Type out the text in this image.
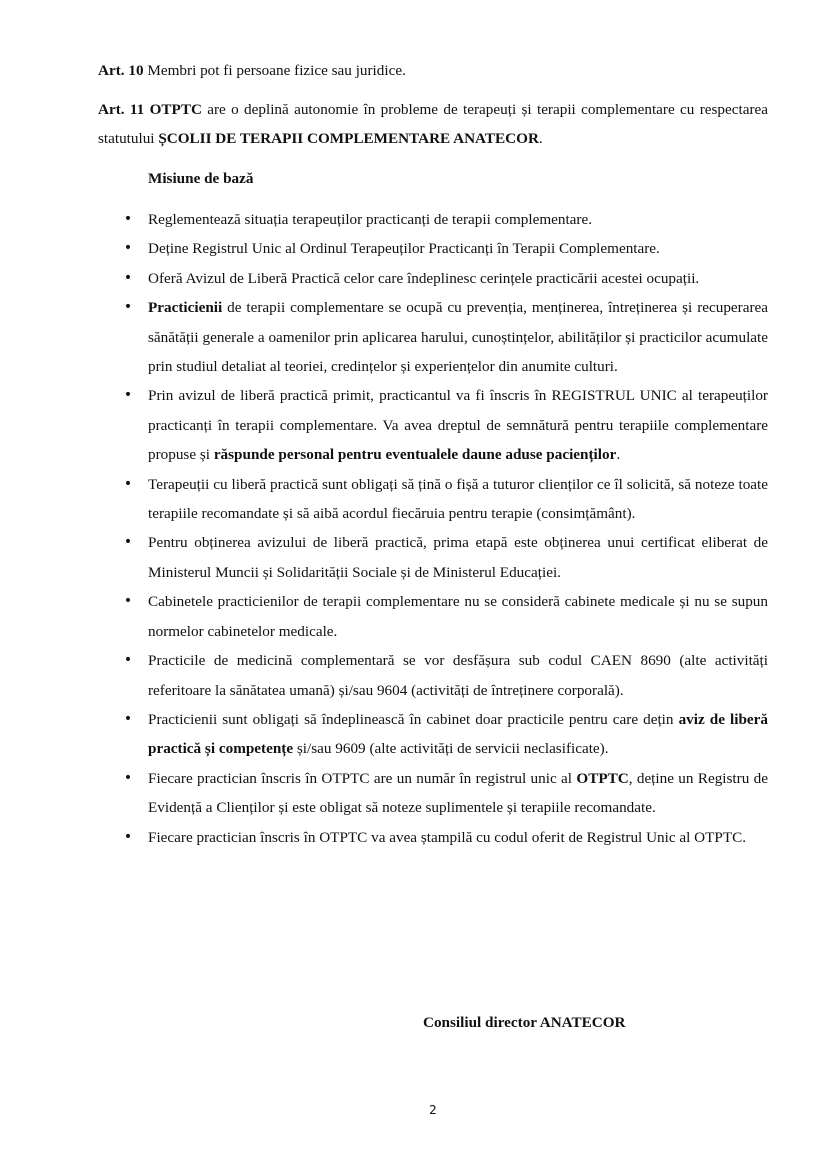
Art. 10 Membri pot fi persoane fizice sau juridice.

Art. 11 OTPTC are o deplină autonomie în probleme de terapeuți și terapii complementare cu respectarea statutului ȘCOLII DE TERAPII COMPLEMENTARE ANATECOR.

Misiune de bază

• Reglementează situația terapeuților practicanți de terapii complementare.
• Deține Registrul Unic al Ordinul Terapeuților Practicanți în Terapii Complementare.
• Oferă Avizul de Liberă Practică celor care îndeplinesc cerințele practicării acestei ocupații.
• Practicienii de terapii complementare se ocupă cu prevenția, menținerea, întreținerea și recuperarea sănătății generale a oamenilor prin aplicarea harului, cunoștințelor, abilităților și practicilor acumulate prin studiul detaliat al teoriei, credințelor și experiențelor din anumite culturi.
• Prin avizul de liberă practică primit, practicantul va fi înscris în REGISTRUL UNIC al terapeuților practicanți în terapii complementare. Va avea dreptul de semnătură pentru terapiile complementare propuse și răspunde personal pentru eventualele daune aduse pacienților.
• Terapeuții cu liberă practică sunt obligați să țină o fișă a tuturor clienților ce îl solicită, să noteze toate terapiile recomandate și să aibă acordul fiecăruia pentru terapie (consimțământ).
• Pentru obținerea avizului de liberă practică, prima etapă este obținerea unui certificat eliberat de Ministerul Muncii și Solidarității Sociale și de Ministerul Educației.
• Cabinetele practicienilor de terapii complementare nu se consideră cabinete medicale și nu se supun normelor cabinetelor medicale.
• Practicile de medicină complementară se vor desfășura sub codul CAEN 8690 (alte activități referitoare la sănătatea umană) și/sau 9604 (activități de întreținere corporală).
• Practicienii sunt obligați să îndeplinească în cabinet doar practicile pentru care dețin aviz de liberă practică și competențe și/sau 9609 (alte activități de servicii neclasificate).
• Fiecare practician înscris în OTPTC are un număr în registrul unic al OTPTC, deține un Registru de Evidență a Clienților și este obligat să noteze suplimentele și terapiile recomandate.
• Fiecare practician înscris în OTPTC va avea ștampilă cu codul oferit de Registrul Unic al OTPTC.

Consiliul director ANATECOR

2
